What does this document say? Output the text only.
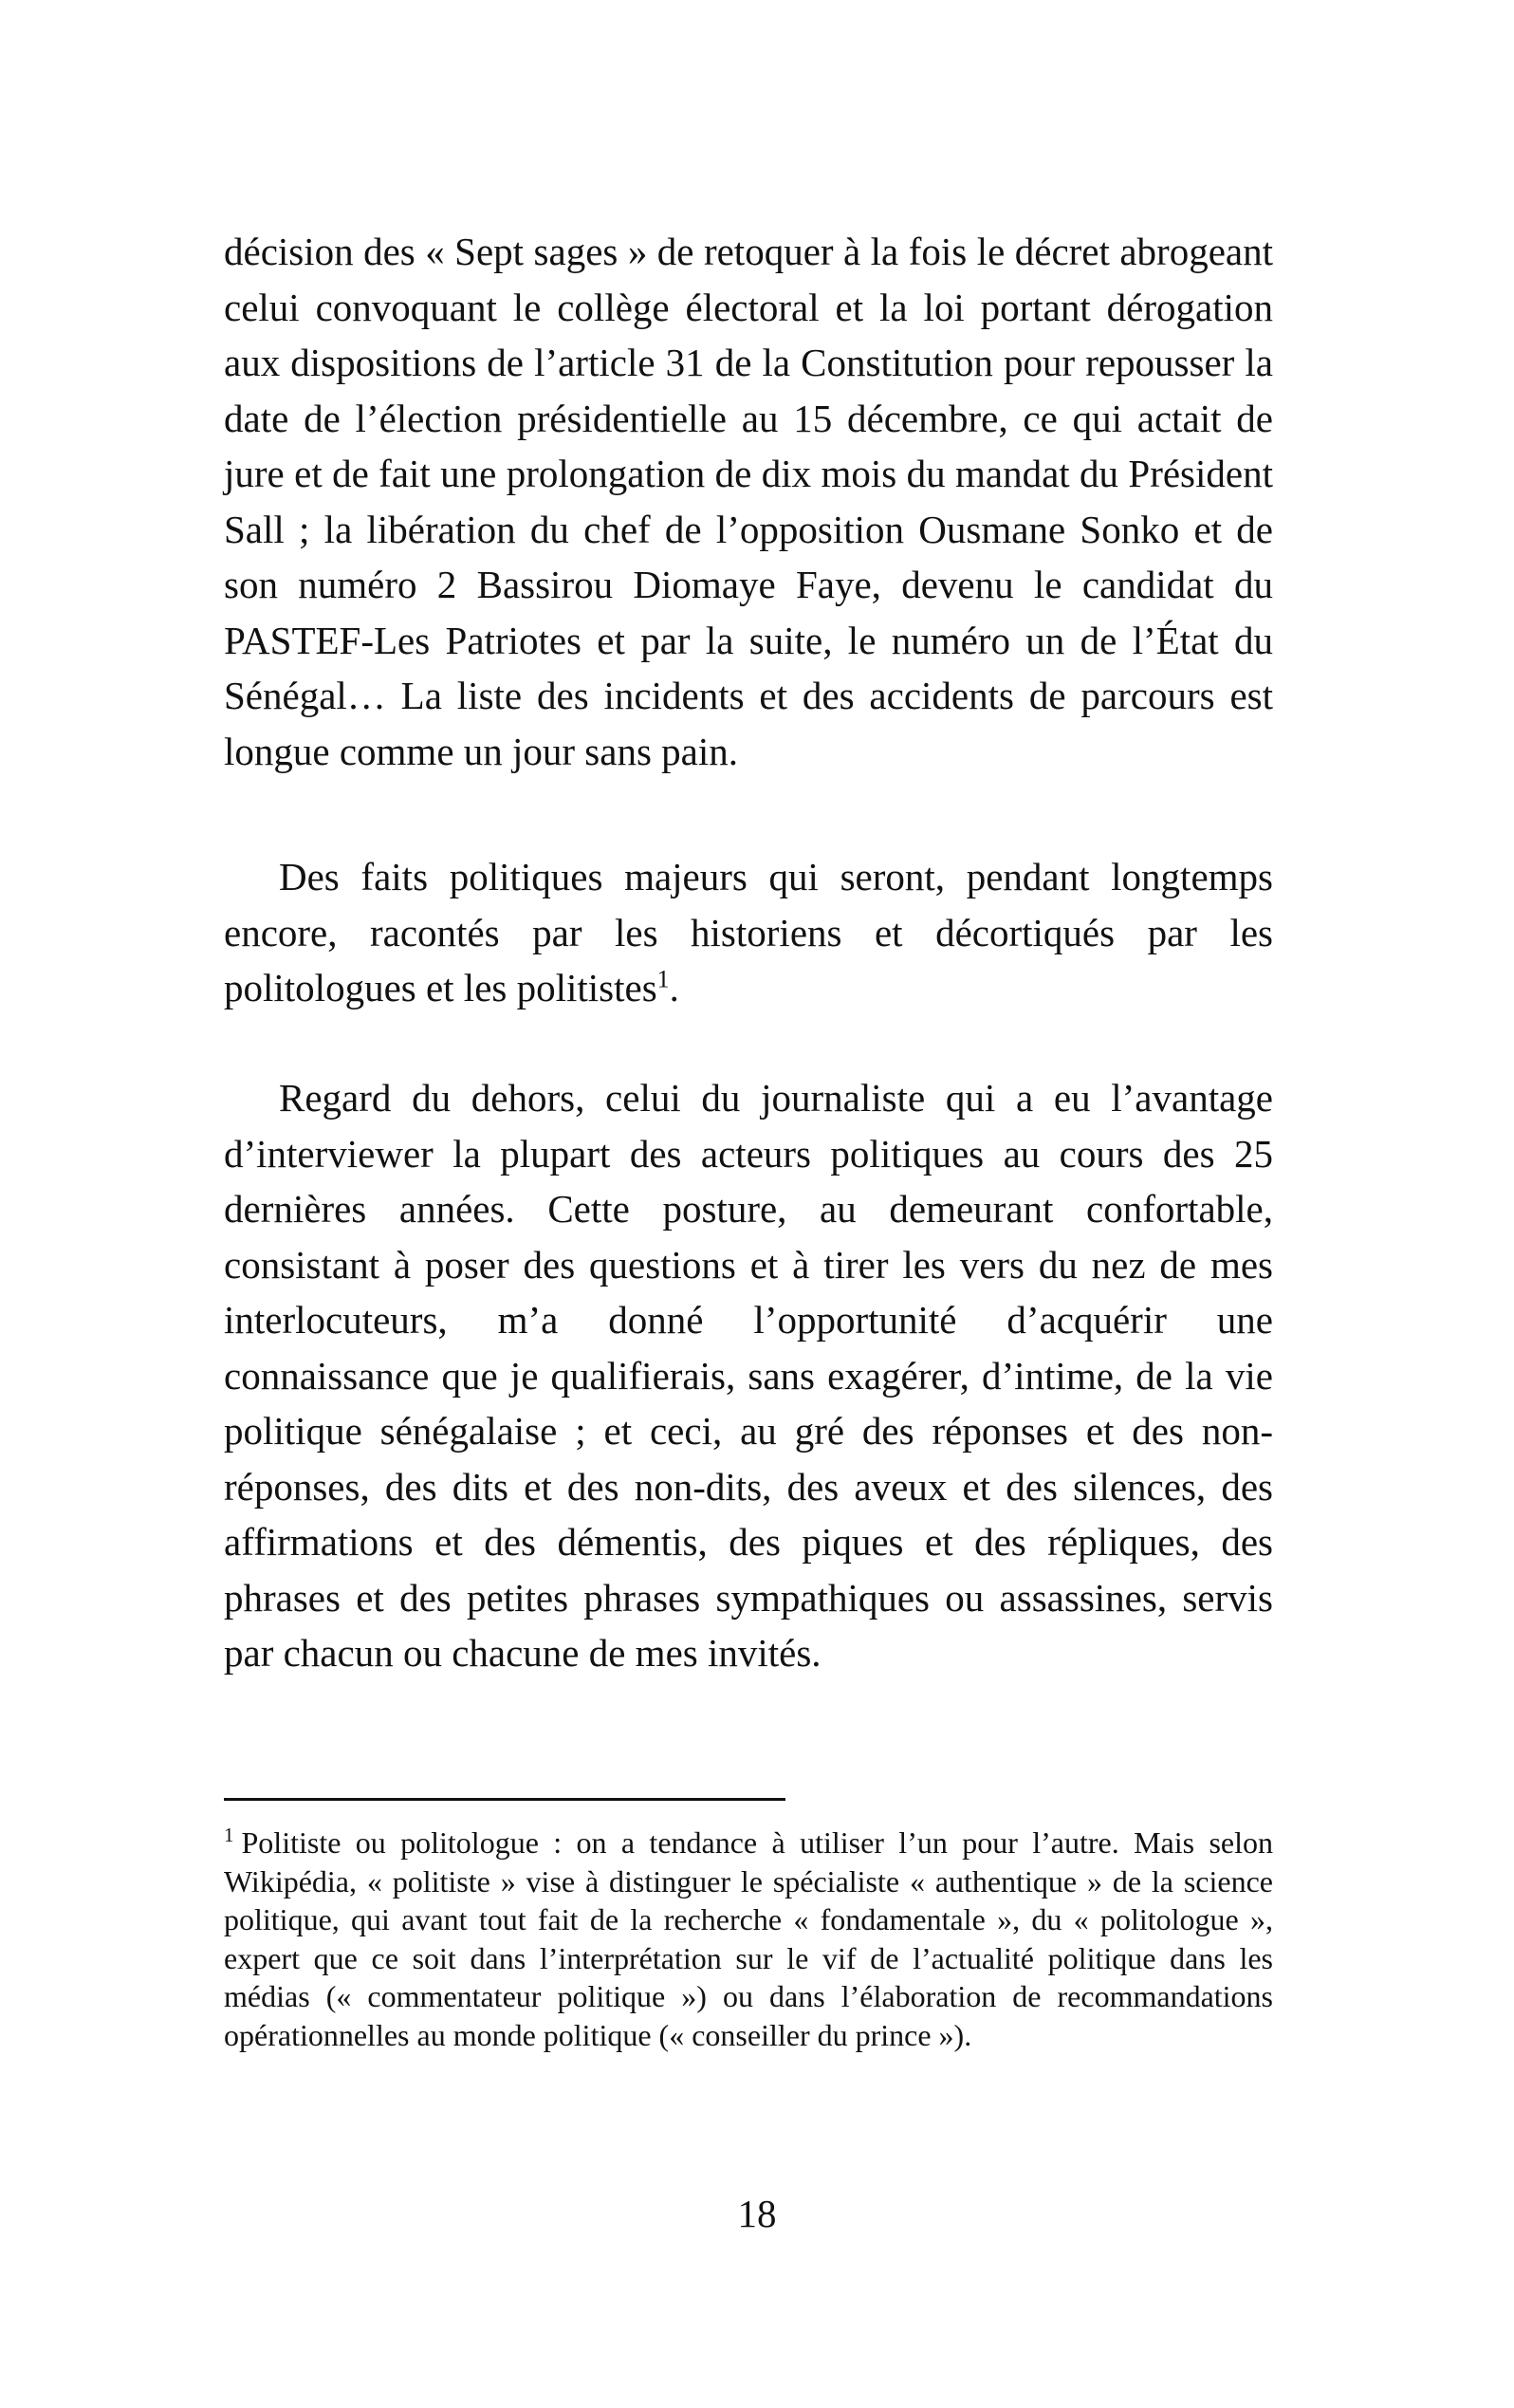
décision des « Sept sages » de retoquer à la fois le décret abrogeant celui convoquant le collège électoral et la loi portant dérogation aux dispositions de l’article 31 de la Constitution pour repousser la date de l’élection présidentielle au 15 décembre, ce qui actait de jure et de fait une prolongation de dix mois du mandat du Président Sall ; la libération du chef de l’opposition Ousmane Sonko et de son numéro 2 Bassirou Diomaye Faye, devenu le candidat du PASTEF-Les Patriotes et par la suite, le numéro un de l’État du Sénégal… La liste des incidents et des accidents de parcours est longue comme un jour sans pain.

Des faits politiques majeurs qui seront, pendant longtemps encore, racontés par les historiens et décortiqués par les politologues et les politistes$^1$.

Regard du dehors, celui du journaliste qui a eu l’avantage d’interviewer la plupart des acteurs politiques au cours des 25 dernières années. Cette posture, au demeurant confortable, consistant à poser des questions et à tirer les vers du nez de mes interlocuteurs, m’a donné l’opportunité d’acquérir une connaissance que je qualifierais, sans exagérer, d’intime, de la vie politique sénégalaise ; et ceci, au gré des réponses et des non-réponses, des dits et des non-dits, des aveux et des silences, des affirmations et des démentis, des piques et des répliques, des phrases et des petites phrases sympathiques ou assassines, servis par chacun ou chacune de mes invités.

$^1$ Politiste ou politologue : on a tendance à utiliser l’un pour l’autre. Mais selon Wikipédia, « politiste » vise à distinguer le spécialiste « authentique » de la science politique, qui avant tout fait de la recherche « fondamentale », du « politologue », expert que ce soit dans l’interprétation sur le vif de l’actualité politique dans les médias (« commentateur politique ») ou dans l’élaboration de recommandations opérationnelles au monde politique (« conseiller du prince »).

18
